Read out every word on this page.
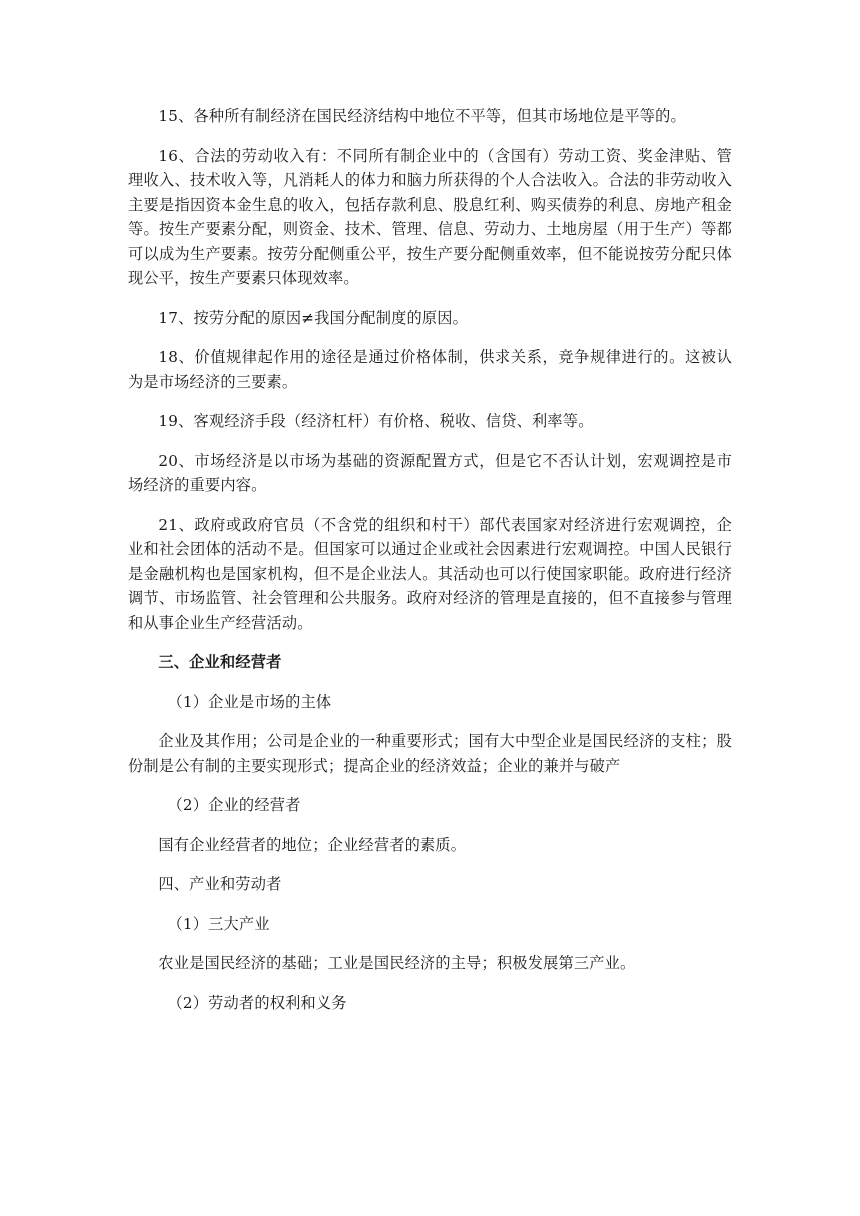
15、各种所有制经济在国民经济结构中地位不平等，但其市场地位是平等的。

16、合法的劳动收入有：不同所有制企业中的（含国有）劳动工资、奖金津贴、管理收入、技术收入等，凡消耗人的体力和脑力所获得的个人合法收入。合法的非劳动收入主要是指因资本金生息的收入，包括存款利息、股息红利、购买债券的利息、房地产租金等。按生产要素分配，则资金、技术、管理、信息、劳动力、土地房屋（用于生产）等都可以成为生产要素。按劳分配侧重公平，按生产要分配侧重效率，但不能说按劳分配只体现公平，按生产要素只体现效率。

17、按劳分配的原因≠我国分配制度的原因。

18、价值规律起作用的途径是通过价格体制，供求关系，竞争规律进行的。这被认为是市场经济的三要素。

19、客观经济手段（经济杠杆）有价格、税收、信贷、利率等。

20、市场经济是以市场为基础的资源配置方式，但是它不否认计划，宏观调控是市场经济的重要内容。

21、政府或政府官员（不含党的组织和村干）部代表国家对经济进行宏观调控，企业和社会团体的活动不是。但国家可以通过企业或社会因素进行宏观调控。中国人民银行是金融机构也是国家机构，但不是企业法人。其活动也可以行使国家职能。政府进行经济调节、市场监管、社会管理和公共服务。政府对经济的管理是直接的，但不直接参与管理和从事企业生产经营活动。

三、企业和经营者

（1）企业是市场的主体

企业及其作用；公司是企业的一种重要形式；国有大中型企业是国民经济的支柱；股份制是公有制的主要实现形式；提高企业的经济效益；企业的兼并与破产

（2）企业的经营者

国有企业经营者的地位；企业经营者的素质。

四、产业和劳动者

（1）三大产业

农业是国民经济的基础；工业是国民经济的主导；积极发展第三产业。

（2）劳动者的权利和义务
